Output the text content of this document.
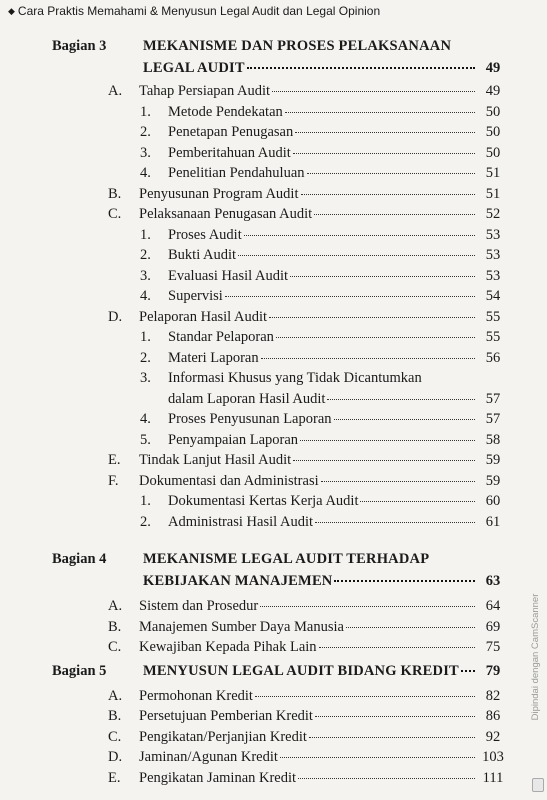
◆ Cara Praktis Memahami & Menyusun Legal Audit dan Legal Opinion
Bagian 3	MEKANISME DAN PROSES PELAKSANAAN
LEGAL AUDIT	49
A. Tahap Persiapan Audit	49
1. Metode Pendekatan	50
2. Penetapan Penugasan	50
3. Pemberitahuan Audit	50
4. Penelitian Pendahuluan	51
B. Penyusunan Program Audit	51
C. Pelaksanaan Penugasan Audit	52
1. Proses Audit	53
2. Bukti Audit	53
3. Evaluasi Hasil Audit	53
4. Supervisi	54
D. Pelaporan Hasil Audit	55
1. Standar Pelaporan	55
2. Materi Laporan	56
3. Informasi Khusus yang Tidak Dicantumkan
dalam Laporan Hasil Audit	57
4. Proses Penyusunan Laporan	57
5. Penyampaian Laporan	58
E. Tindak Lanjut Hasil Audit	59
F. Dokumentasi dan Administrasi	59
1. Dokumentasi Kertas Kerja Audit	60
2. Administrasi Hasil Audit	61
Bagian 4	MEKANISME LEGAL AUDIT TERHADAP
KEBIJAKAN MANAJEMEN	63
A. Sistem dan Prosedur	64
B. Manajemen Sumber Daya Manusia	69
C. Kewajiban Kepada Pihak Lain	75
Bagian 5	MENYUSUN LEGAL AUDIT BIDANG KREDIT	79
A. Permohonan Kredit	82
B. Persetujuan Pemberian Kredit	86
C. Pengikatan/Perjanjian Kredit	92
D. Jaminan/Agunan Kredit	103
E. Pengikatan Jaminan Kredit	111
Dipindai dengan CamScanner
